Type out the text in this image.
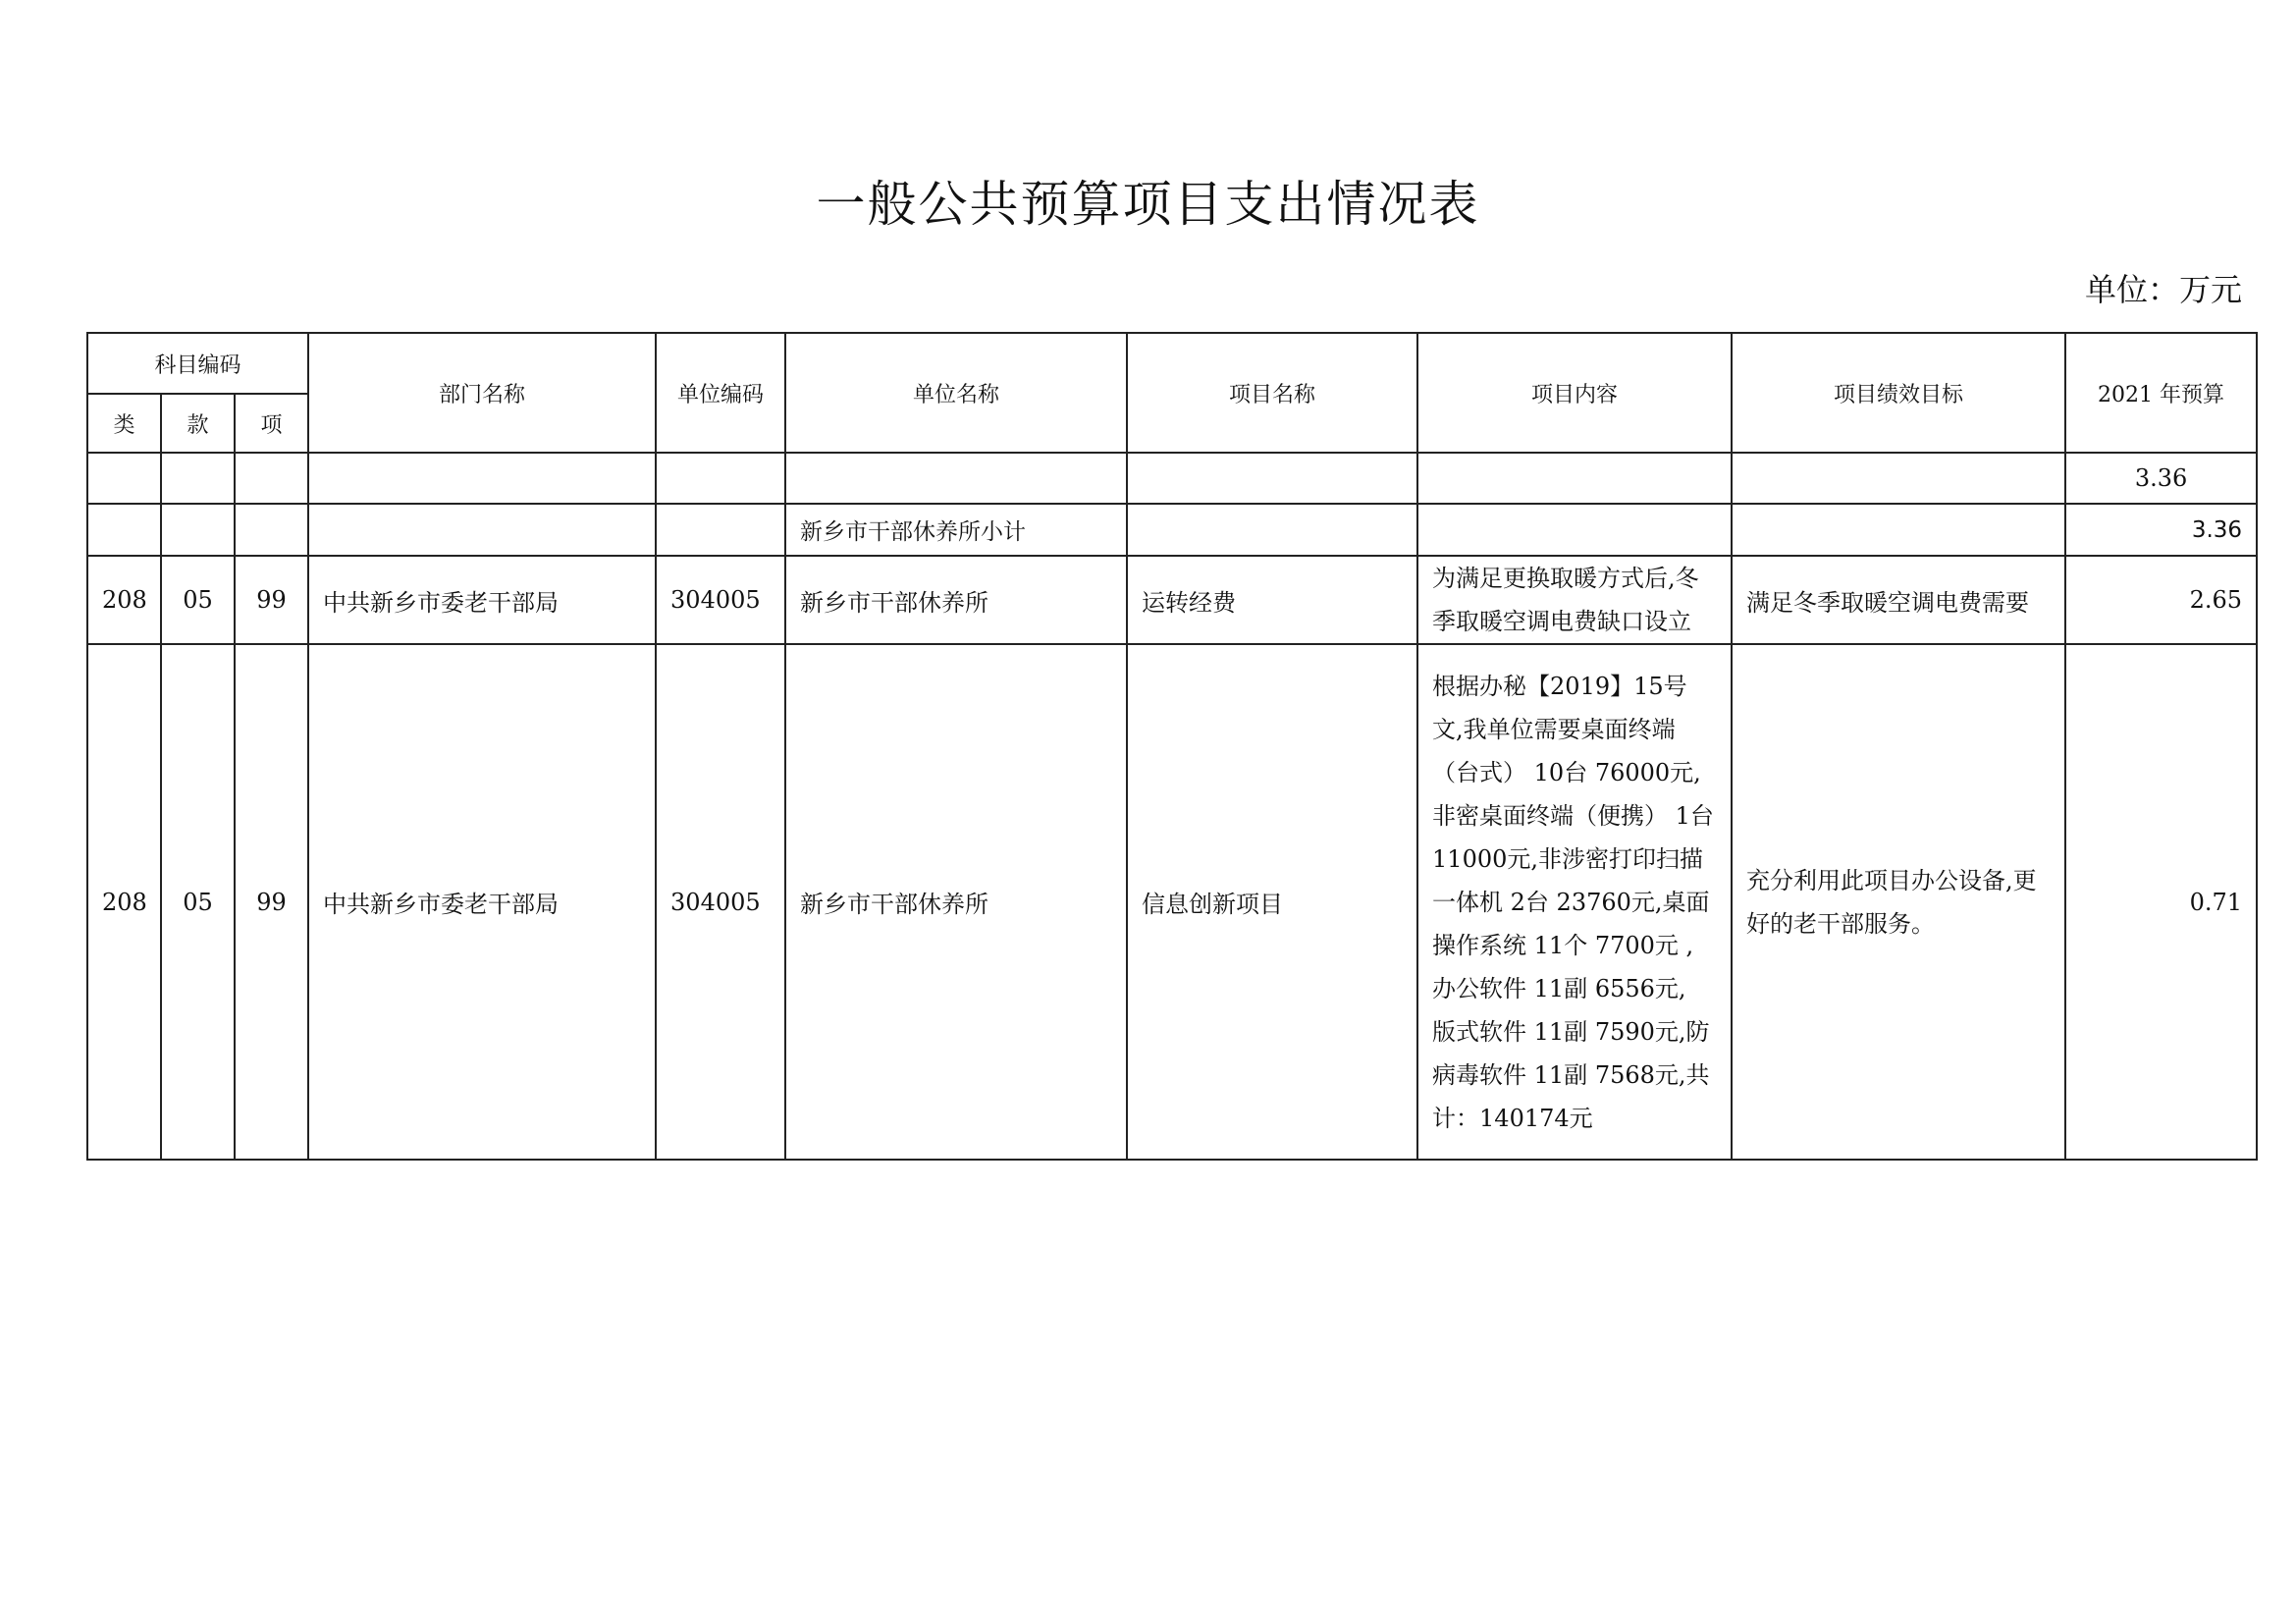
一般公共预算项目支出情况表
单位：万元
科目编码			部门名称	单位编码	单位名称	项目名称	项目内容	项目绩效目标	2021 年预算
类	款	项							
									3.36
					新乡市干部休养所小计				3.36
208	05	99	中共新乡市委老干部局	304005	新乡市干部休养所	运转经费	为满足更换取暖方式后,冬季取暖空调电费缺口设立	满足冬季取暖空调电费需要	2.65
208	05	99	中共新乡市委老干部局	304005	新乡市干部休养所	信息创新项目	根据办秘【2019】15号文,我单位需要桌面终端（台式） 10台 76000元,非密桌面终端（便携） 1台 11000元,非涉密打印扫描一体机 2台 23760元,桌面操作系统 11个 7700元 , 办公软件 11副 6556元, 版式软件 11副 7590元,防病毒软件 11副 7568元,共计：140174元	充分利用此项目办公设备,更好的老干部服务。	0.71
